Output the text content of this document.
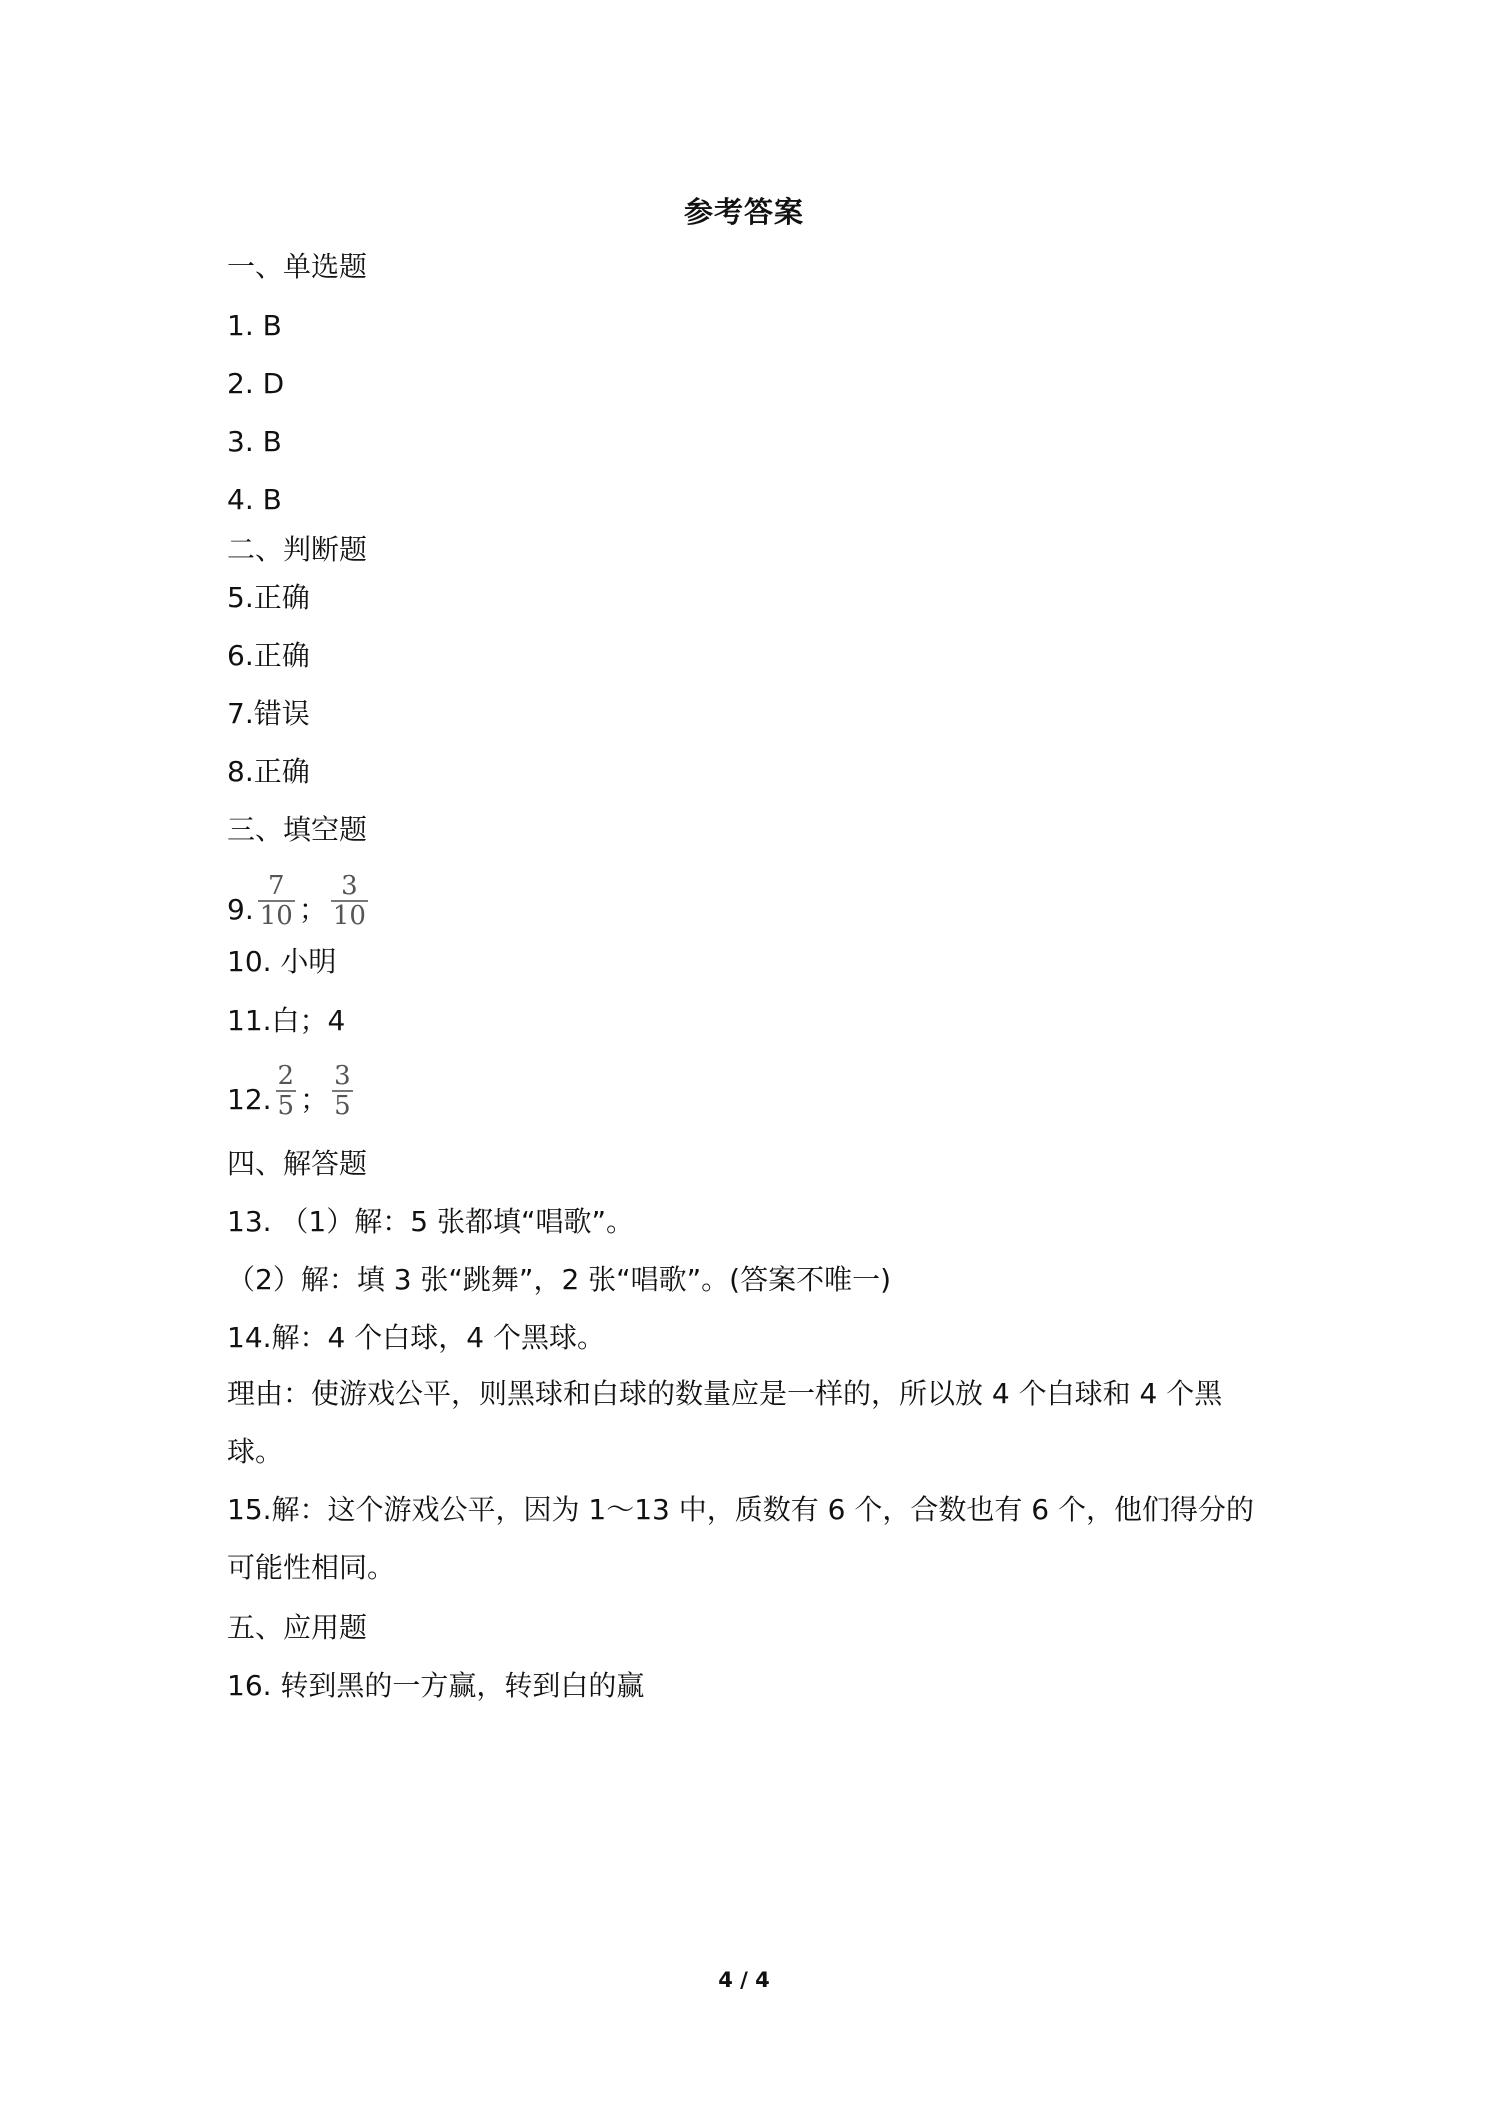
参考答案
一、单选题
1. B
2. D
3. B
4. B
二、判断题
5.正确
6.正确
7.错误
8.正确
三、填空题
9. $\frac{7}{10}$ ； $\frac{3}{10}$
10. 小明
11.白；4
12. $\frac{2}{5}$ ； $\frac{3}{5}$
四、解答题
13. （1）解：5 张都填“唱歌”。
（2）解：填 3 张“跳舞”，2 张“唱歌”。(答案不唯一)
14.解：4 个白球，4 个黑球。
理由：使游戏公平，则黑球和白球的数量应是一样的，所以放 4 个白球和 4 个黑球。
15.解：这个游戏公平，因为 1～13 中，质数有 6 个，合数也有 6 个，他们得分的可能性相同。
五、应用题
16. 转到黑的一方赢，转到白的赢
4 / 4
